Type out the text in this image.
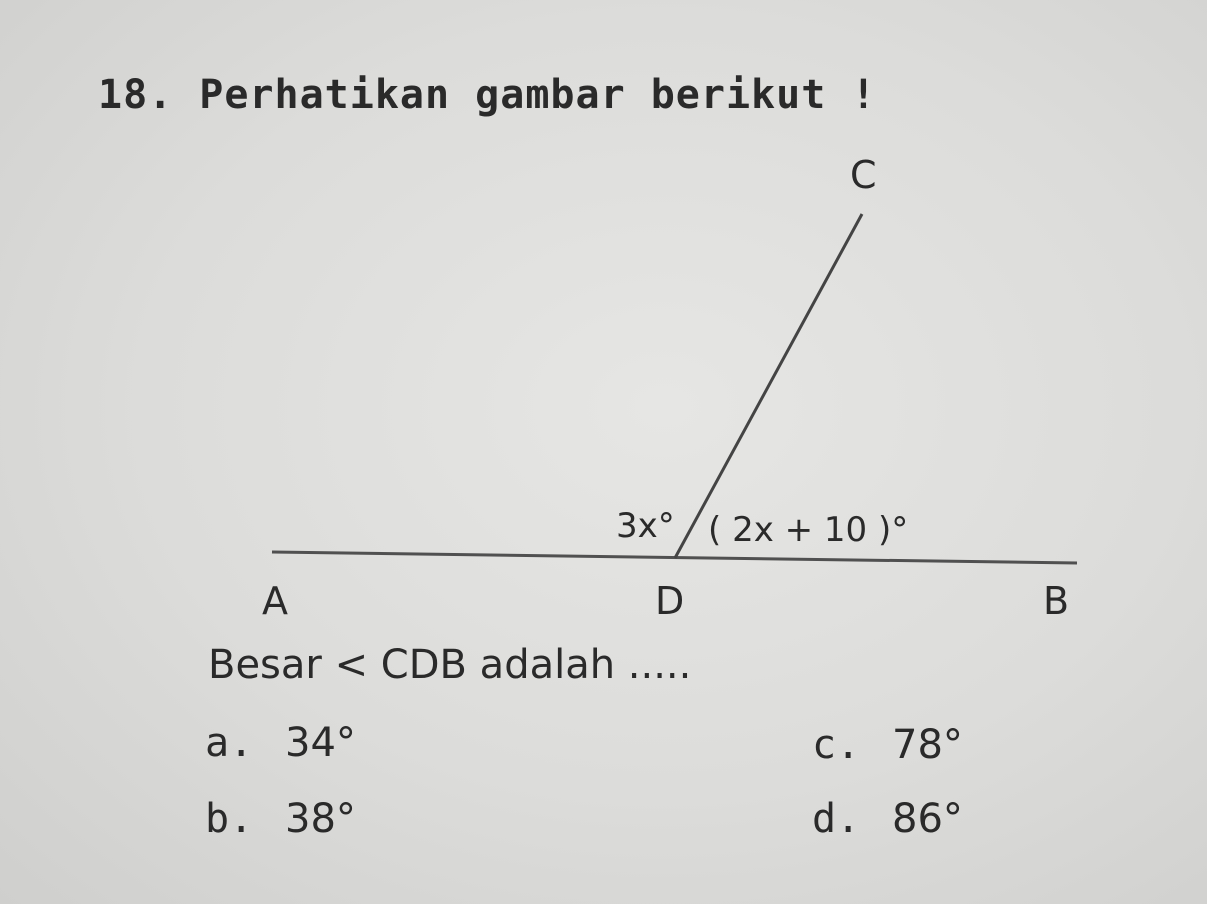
18. Perhatikan gambar berikut !
C
A	D	B
3x° ( 2x + 10 )°
Besar < CDB adalah .....
a. 34°
b. 38°
c. 78°
d. 86°
